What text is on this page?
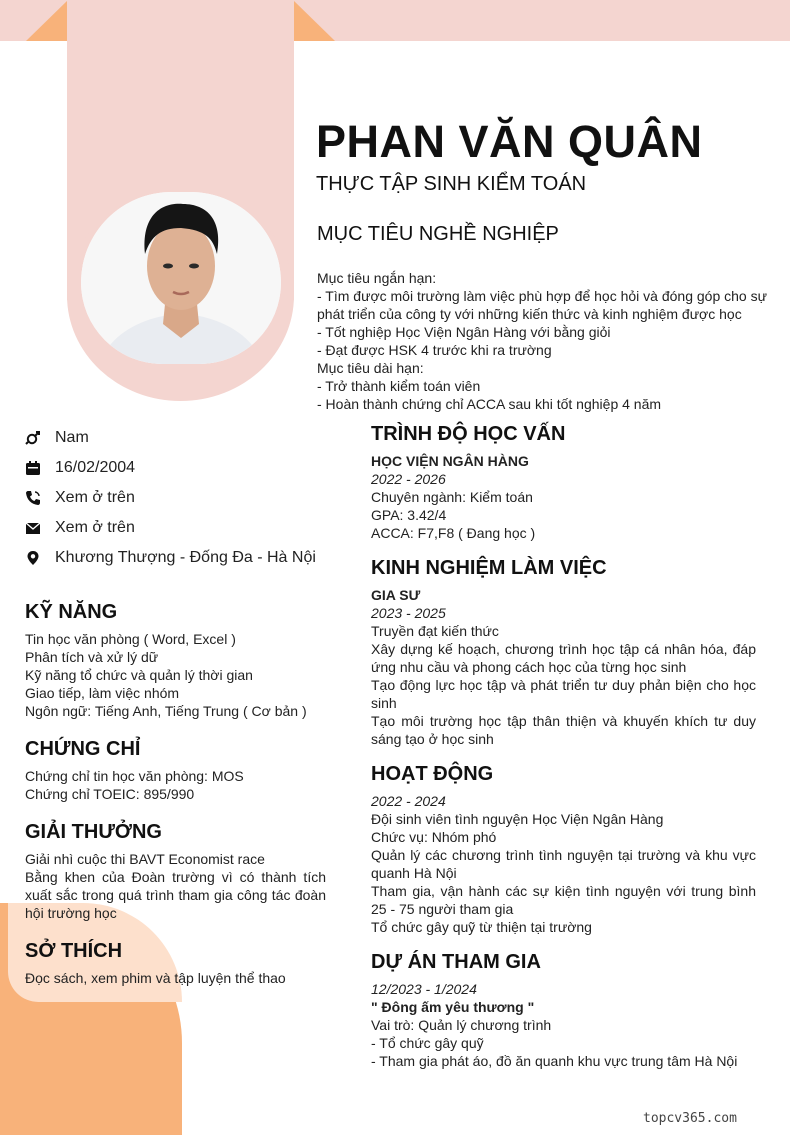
PHAN VĂN QUÂN
THỰC TẬP SINH KIỂM TOÁN
MỤC TIÊU NGHỀ NGHIỆP
Mục tiêu ngắn hạn:
- Tìm được môi trường làm việc phù hợp để học hỏi và đóng góp cho sự
phát triển của công ty với những kiến thức và kinh nghiệm được học
- Tốt nghiệp Học Viện Ngân Hàng với bằng giỏi
- Đạt được HSK 4 trước khi ra trường
Mục tiêu dài hạn:
- Trở thành kiểm toán viên
- Hoàn thành chứng chỉ ACCA sau khi tốt nghiệp 4 năm
Nam
16/02/2004
Xem ở trên
Xem ở trên
Khương Thượng - Đống Đa - Hà Nội
KỸ NĂNG
Tin học văn phòng ( Word, Excel )
Phân tích và xử lý dữ
Kỹ năng tổ chức và quản lý thời gian
Giao tiếp, làm việc nhóm
Ngôn ngữ: Tiếng Anh, Tiếng Trung ( Cơ bản )
CHỨNG CHỈ
Chứng chỉ tin học văn phòng: MOS
Chứng chỉ TOEIC: 895/990
GIẢI THƯỞNG
Giải nhì cuộc thi BAVT Economist race
Bằng khen của Đoàn trường vì có thành tích xuất sắc trong quá trình tham gia công tác đoàn hội trường học
SỞ THÍCH
Đọc sách, xem phim và tập luyện thể thao
TRÌNH ĐỘ HỌC VẤN
HỌC VIỆN NGÂN HÀNG
2022 - 2026
Chuyên ngành: Kiểm toán
GPA: 3.42/4
ACCA: F7,F8 ( Đang học )
KINH NGHIỆM LÀM VIỆC
GIA SƯ
2023 - 2025
Truyền đạt kiến thức
Xây dựng kế hoạch, chương trình học tập cá nhân hóa, đáp ứng nhu cầu và phong cách học của từng học sinh
Tạo động lực học tập và phát triển tư duy phản biện cho học sinh
Tạo môi trường học tập thân thiện và khuyến khích tư duy sáng tạo ở học sinh
HOẠT ĐỘNG
2022 - 2024
Đội sinh viên tình nguyện Học Viện Ngân Hàng
Chức vụ: Nhóm phó
Quản lý các chương trình tình nguyện tại trường và khu vực quanh Hà Nội
Tham gia, vận hành các sự kiện tình nguyện với trung bình 25 - 75 người tham gia
Tổ chức gây quỹ từ thiện tại trường
DỰ ÁN THAM GIA
12/2023 - 1/2024
" Đông ấm yêu thương "
Vai trò: Quản lý chương trình
- Tổ chức gây quỹ
- Tham gia phát áo, đồ ăn quanh khu vực trung tâm Hà Nội
topcv365.com
